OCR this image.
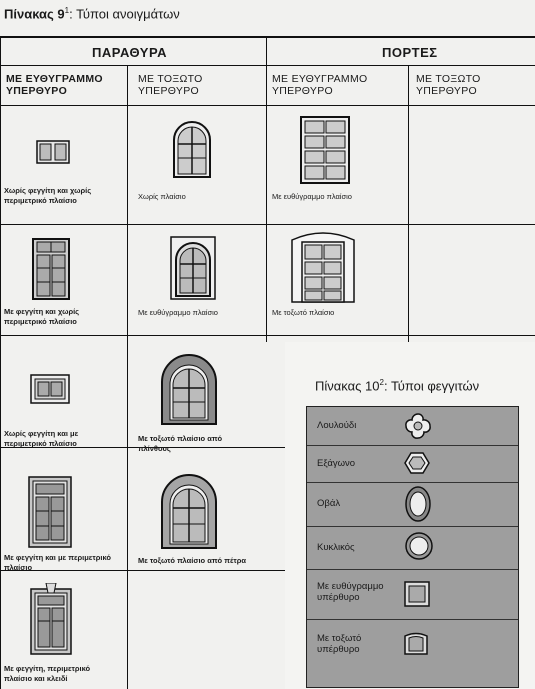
Πίνακας $9^1$: Τύποι ανοιγμάτων
ΠΑΡΑΘΥΡΑ	ΠΟΡΤΕΣ
ΜΕ ΕΥΘΥΓΡΑΜΜΟ
ΥΠΕΡΘΥΡΟ
ΜΕ ΤΟΞΩΤΟ
ΥΠΕΡΘΥΡΟ
ΜΕ ΕΥΘΥΓΡΑΜΜΟ
ΥΠΕΡΘΥΡΟ
ΜΕ ΤΟΞΩΤΟ
ΥΠΕΡΘΥΡΟ
Χωρίς φεγγίτη και χωρίς
περιμετρικό πλαίσιο
Με φεγγίτη και χωρίς
περιμετρικό πλαίσιο
Χωρίς φεγγίτη και με
περιμετρικό πλαίσιο
Με φεγγίτη και με περιμετρικό
πλαίσιο
Με φεγγίτη, περιμετρικό
πλαίσιο και κλειδί
Χωρίς πλαίσιο
Με ευθύγραμμο πλαίσιο
Με τοξωτό πλαίσιο από
πλίνθους
Με τοξωτό πλαίσιο από πέτρα
Με ευθύγραμμο πλαίσιο
Με τοξωτό πλαίσιο
Πίνακας $10^2$: Τύποι φεγγιτών
Λουλούδι
Εξάγωνο
Οβάλ
Κυκλικός
Με ευθύγραμμο
υπέρθυρο
Με τοξωτό
υπέρθυρο
